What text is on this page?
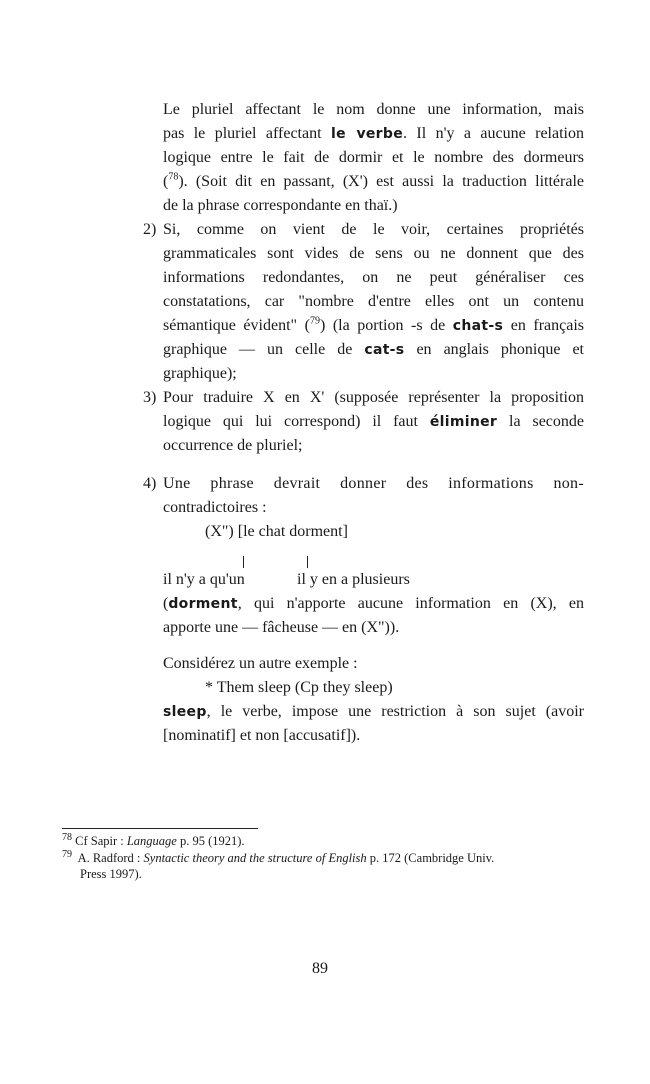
Le pluriel affectant le nom donne une information, mais
pas le pluriel affectant le verbe. Il n'y a aucune relation
logique entre le fait de dormir et le nombre des dormeurs
($^{78}$). (Soit dit en passant, (X') est aussi la traduction littérale
de la phrase correspondante en thaï.)
2) Si, comme on vient de le voir, certaines propriétés
grammaticales sont vides de sens ou ne donnent que des
informations redondantes, on ne peut généraliser ces
constatations, car "nombre d'entre elles ont un contenu
sémantique évident" ($^{79}$) (la portion -s de chat-s en français
graphique — un celle de cat-s en anglais phonique et
graphique);
3) Pour traduire X en X' (supposée représenter la proposition
logique qui lui correspond) il faut éliminer la seconde
occurrence de pluriel;
4) Une phrase devrait donner des informations non-
contradictoires :
(X") [le chat dorment]
il n'y a qu'un	il y en a plusieurs
(dorment, qui n'apporte aucune information en (X), en
apporte une — fâcheuse — en (X")).
Considérez un autre exemple :
* Them sleep (Cp they sleep)
sleep, le verbe, impose une restriction à son sujet (avoir
[nominatif] et non [accusatif]).
$^{78}$ Cf Sapir : Language p. 95 (1921).
$^{79}$ A. Radford : Syntactic theory and the structure of English p. 172 (Cambridge Univ.
Press 1997).
89
